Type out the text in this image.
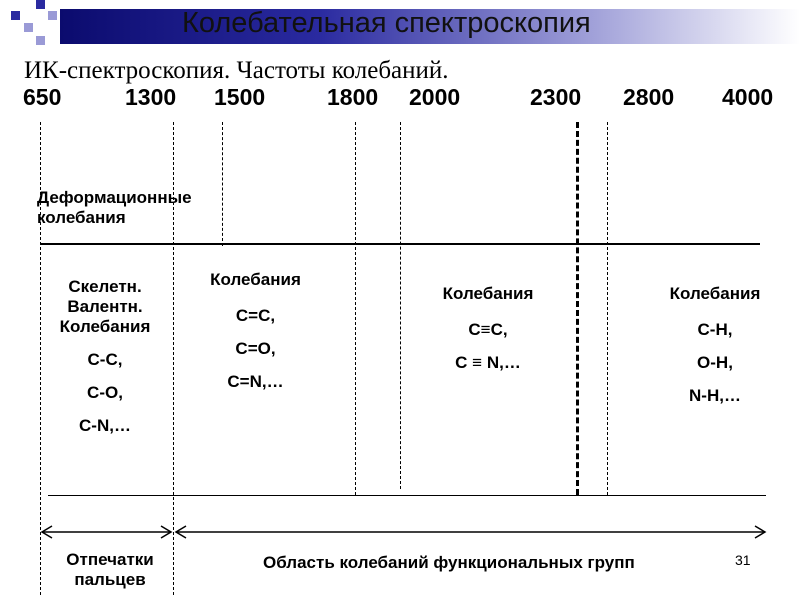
Колебательная спектроскопия
ИК-спектроскопия. Частоты колебаний.
650	1300 1500	1800 2000	2300 2800 4000
Деформационные
колебания
Скелетн.
Валентн.
Колебания
C-C,
C-O,
C-N,…
Колебания
C=C,
C=O,
C=N,…
Колебания
C≡C,
C ≡ N,…
Колебания
C-H,
O-H,
N-H,…
Отпечатки
пальцев
Область колебаний функциональных групп	31
